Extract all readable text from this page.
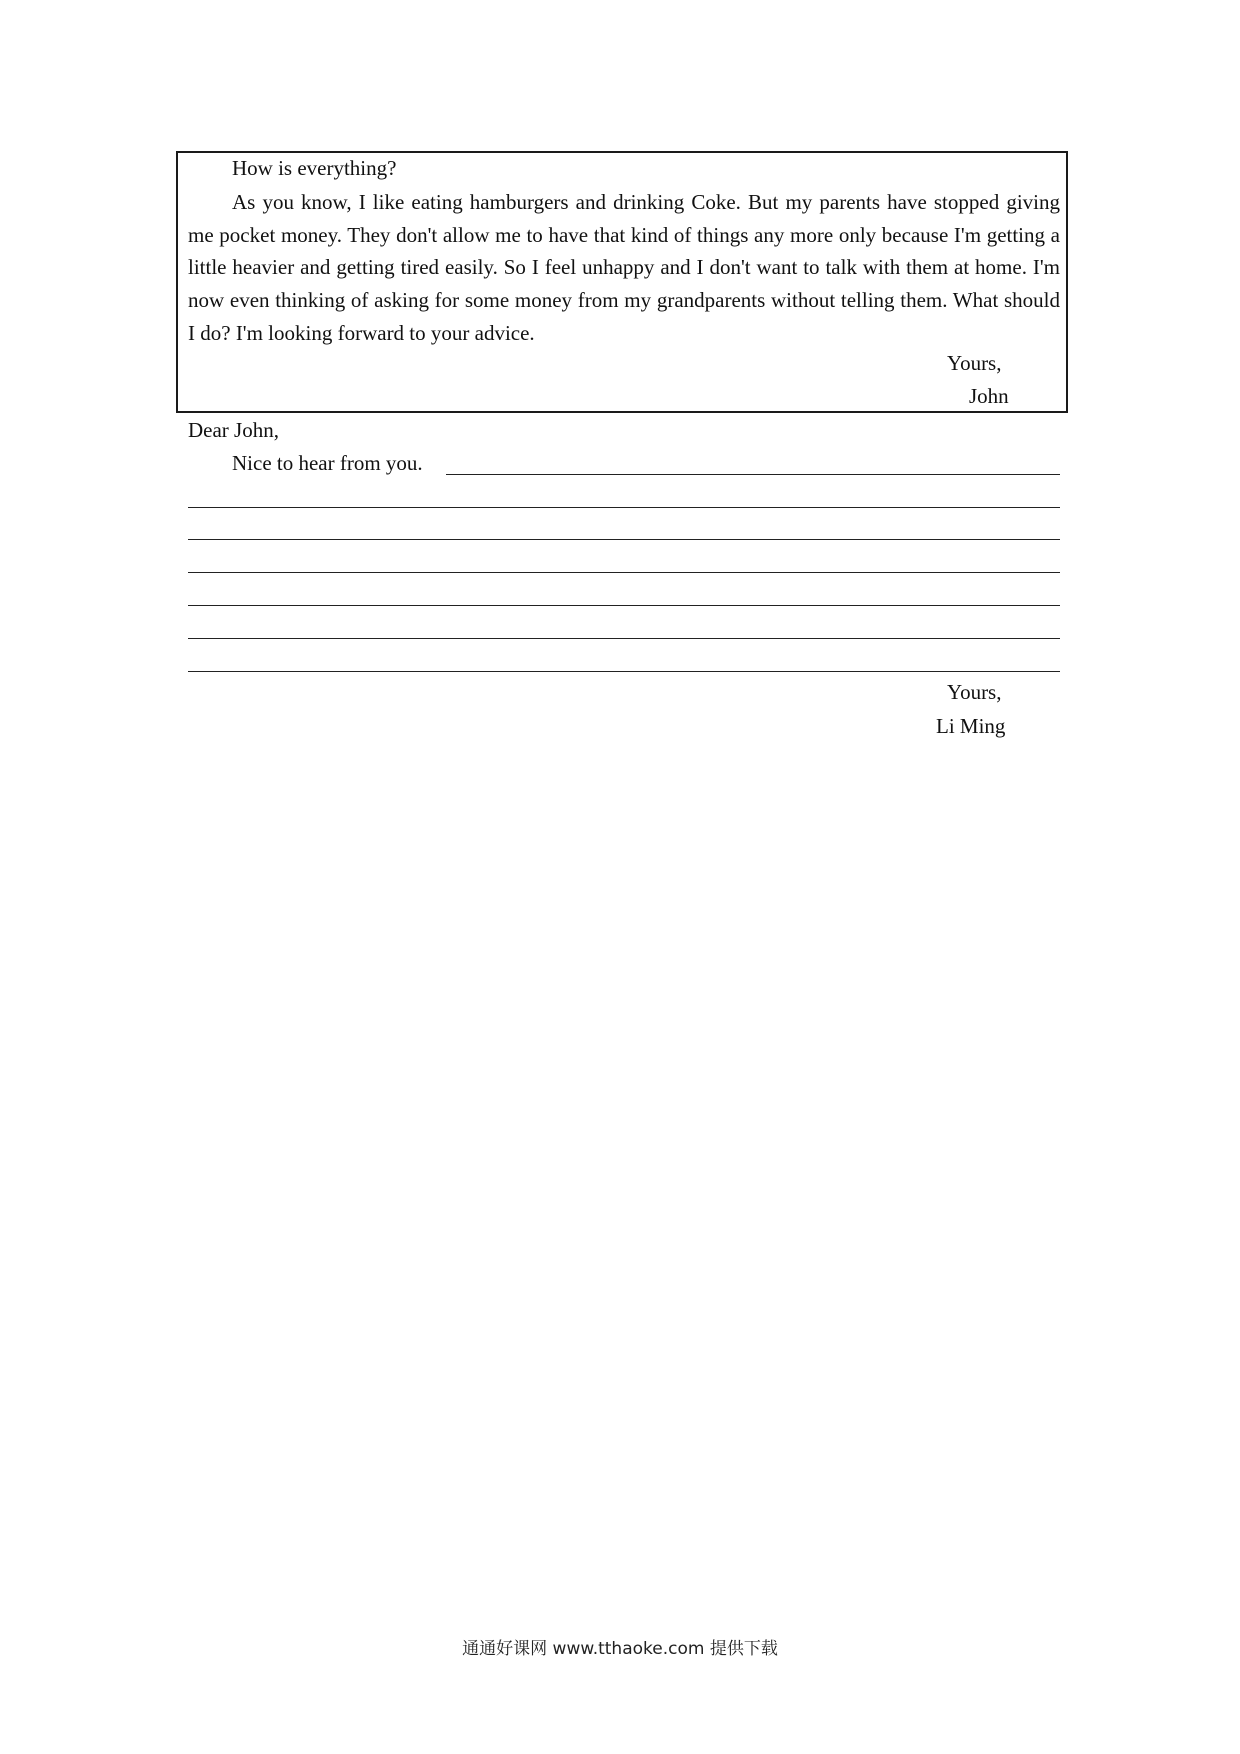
How is everything?
As you know, I like eating hamburgers and drinking Coke. But my parents have stopped giving me pocket money. They don't allow me to have that kind of things any more only because I'm getting a little heavier and getting tired easily. So I feel unhappy and I don't want to talk with them at home. I'm now even thinking of asking for some money from my grandparents without telling them. What should I do? I'm looking forward to your advice.
Yours,
John
Dear John,
Nice to hear from you.
Yours,
Li Ming
通通好课网 www.tthaoke.com 提供下载
